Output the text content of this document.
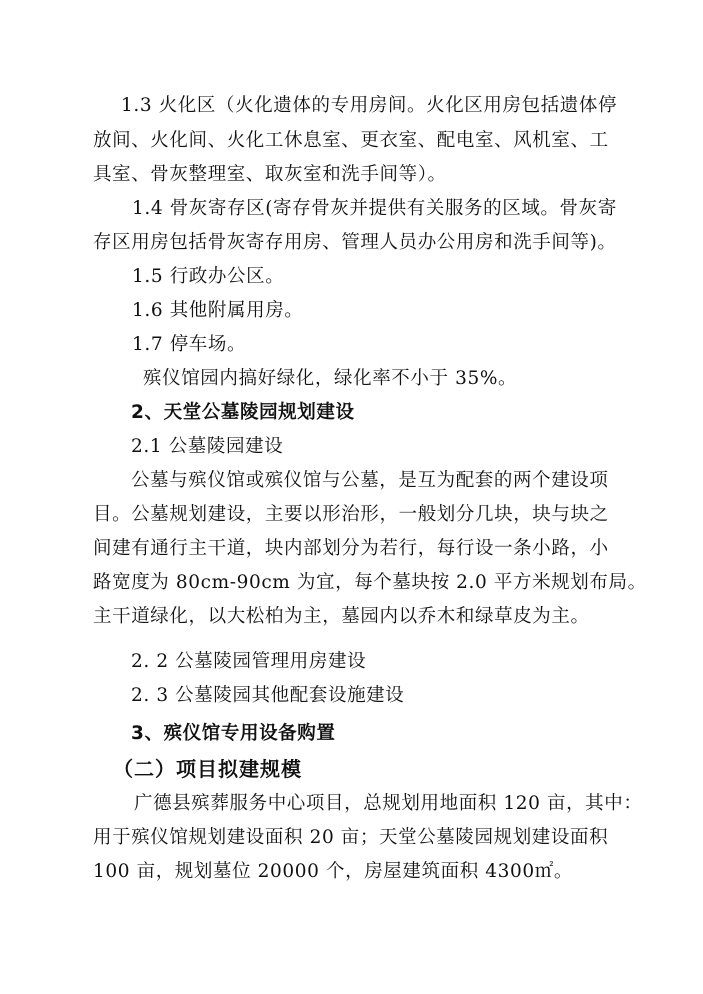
1.3 火化区（火化遗体的专用房间。火化区用房包括遗体停
放间、火化间、火化工休息室、更衣室、配电室、风机室、工
具室、骨灰整理室、取灰室和洗手间等）。
1.4 骨灰寄存区(寄存骨灰并提供有关服务的区域。骨灰寄
存区用房包括骨灰寄存用房、管理人员办公用房和洗手间等)。
1.5 行政办公区。
1.6 其他附属用房。
1.7 停车场。
殡仪馆园内搞好绿化，绿化率不小于 35%。
2、天堂公墓陵园规划建设
2.1 公墓陵园建设
公墓与殡仪馆或殡仪馆与公墓，是互为配套的两个建设项
目。公墓规划建设，主要以形治形，一般划分几块，块与块之
间建有通行主干道，块内部划分为若行，每行设一条小路，小
路宽度为 80cm-90cm 为宜，每个墓块按 2.0 平方米规划布局。
主干道绿化，以大松柏为主，墓园内以乔木和绿草皮为主。
2. 2 公墓陵园管理用房建设
2. 3 公墓陵园其他配套设施建设
3、殡仪馆专用设备购置
（二）项目拟建规模
广德县殡葬服务中心项目，总规划用地面积 120 亩，其中：
用于殡仪馆规划建设面积 20 亩；天堂公墓陵园规划建设面积
100 亩，规划墓位 20000 个，房屋建筑面积 4300㎡。
